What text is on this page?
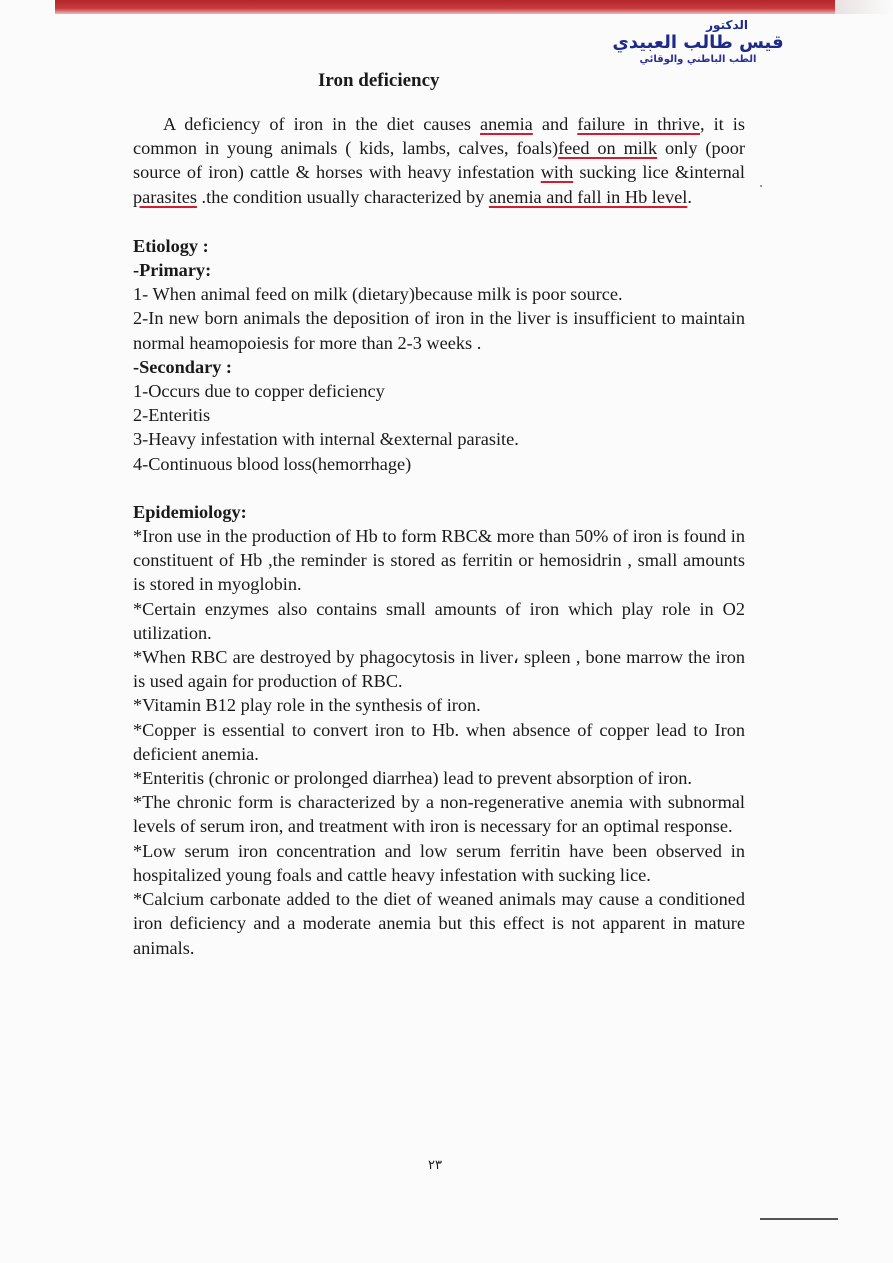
الدكتور
قيس طالب العبيدي
الطب الباطني والوقائي
Iron deficiency

A deficiency of iron in the diet causes anemia and failure in thrive, it is common in young animals ( kids, lambs, calves, foals)feed on milk only (poor source of iron) cattle & horses with heavy infestation with sucking lice &internal parasites .the condition usually characterized by anemia and fall in Hb level.

Etiology :

-Primary:

1- When animal feed on milk (dietary)because milk is poor source.

2-In new born animals the deposition of iron in the liver is insufficient to maintain normal heamopoiesis for more than 2-3 weeks .

-Secondary :

1-Occurs due to copper deficiency

2-Enteritis

3-Heavy infestation with internal &external parasite.

4-Continuous blood loss(hemorrhage)

Epidemiology:

*Iron use in the production of Hb to form RBC& more than 50% of iron is found in constituent of Hb ,the reminder is stored as ferritin or hemosidrin , small amounts is stored in myoglobin.

*Certain enzymes also contains small amounts of iron which play role in O2 utilization.

*When RBC are destroyed by phagocytosis in liver، spleen , bone marrow the iron is used again for production of RBC.

*Vitamin B12 play role in the synthesis of iron.

*Copper is essential to convert iron to Hb. when absence of copper lead to Iron deficient anemia.

*Enteritis (chronic or prolonged diarrhea) lead to prevent absorption of iron.

*The chronic form is characterized by a non-regenerative anemia with subnormal levels of serum iron, and treatment with iron is necessary for an optimal response.

*Low serum iron concentration and low serum ferritin have been observed in hospitalized young foals and cattle heavy infestation with sucking lice.

*Calcium carbonate added to the diet of weaned animals may cause a conditioned iron deficiency and a moderate anemia but this effect is not apparent in mature animals.

٢٣
